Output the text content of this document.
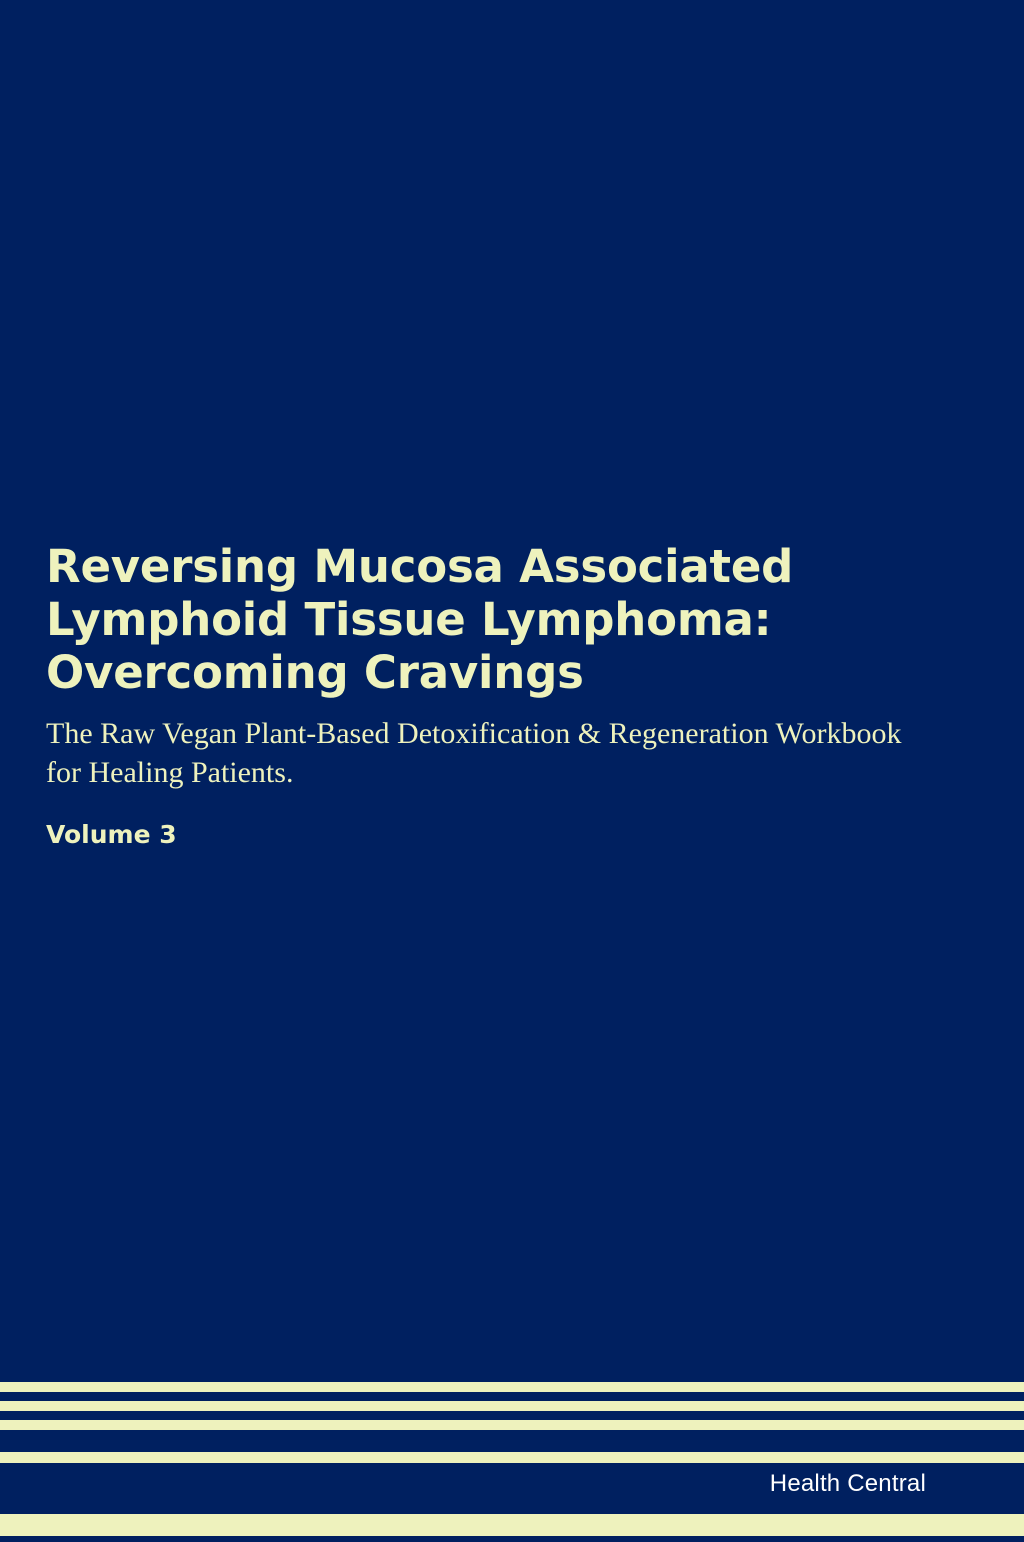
Reversing Mucosa Associated Lymphoid Tissue Lymphoma: Overcoming Cravings

The Raw Vegan Plant-Based Detoxification & Regeneration Workbook for Healing Patients.

Volume 3

Health Central
